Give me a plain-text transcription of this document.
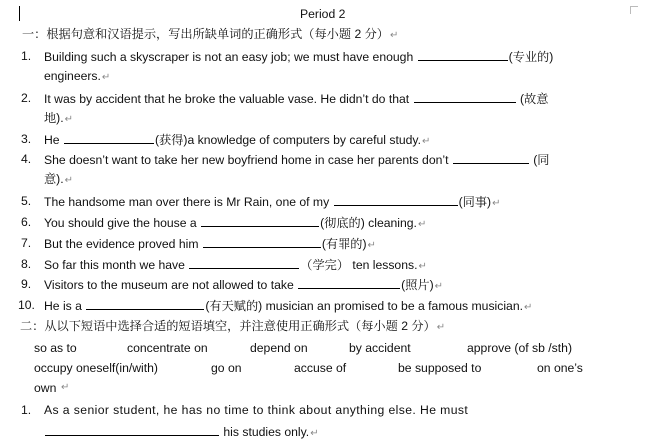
Period 2
一：根据句意和汉语提示，写出所缺单词的正确形式（每小题 2 分）↵
1. Building such a skyscraper is not an easy job; we must have enough	(专业的)
engineers.↵
2. It was by accident that he broke the valuable vase. He didn’t do that	(故意
地).↵
3. He	(获得)a knowledge of computers by careful study.↵
4. She doesn’t want to take her new boyfriend home in case her parents don’t	(同
意).↵
5. The handsome man over there is Mr Rain, one of my	(同事)↵
6. You should give the house a	(彻底的) cleaning.↵
7. But the evidence proved him	(有罪的)↵
8. So far this month we have	（学完） ten lessons.↵
9. Visitors to the museum are not allowed to take	(照片)↵
10. He is a	(有天赋的) musician an promised to be a famous musician.↵
二：从以下短语中选择合适的短语填空，并注意使用正确形式（每小题 2 分）↵
so as to	concentrate on	depend on	by accident	approve (of sb /sth)
occupy oneself(in/with)	go on	accuse of	be supposed to	on one’s
own ↵
1. As a senior student, he has no time to think about anything else. He must
his studies only.↵
